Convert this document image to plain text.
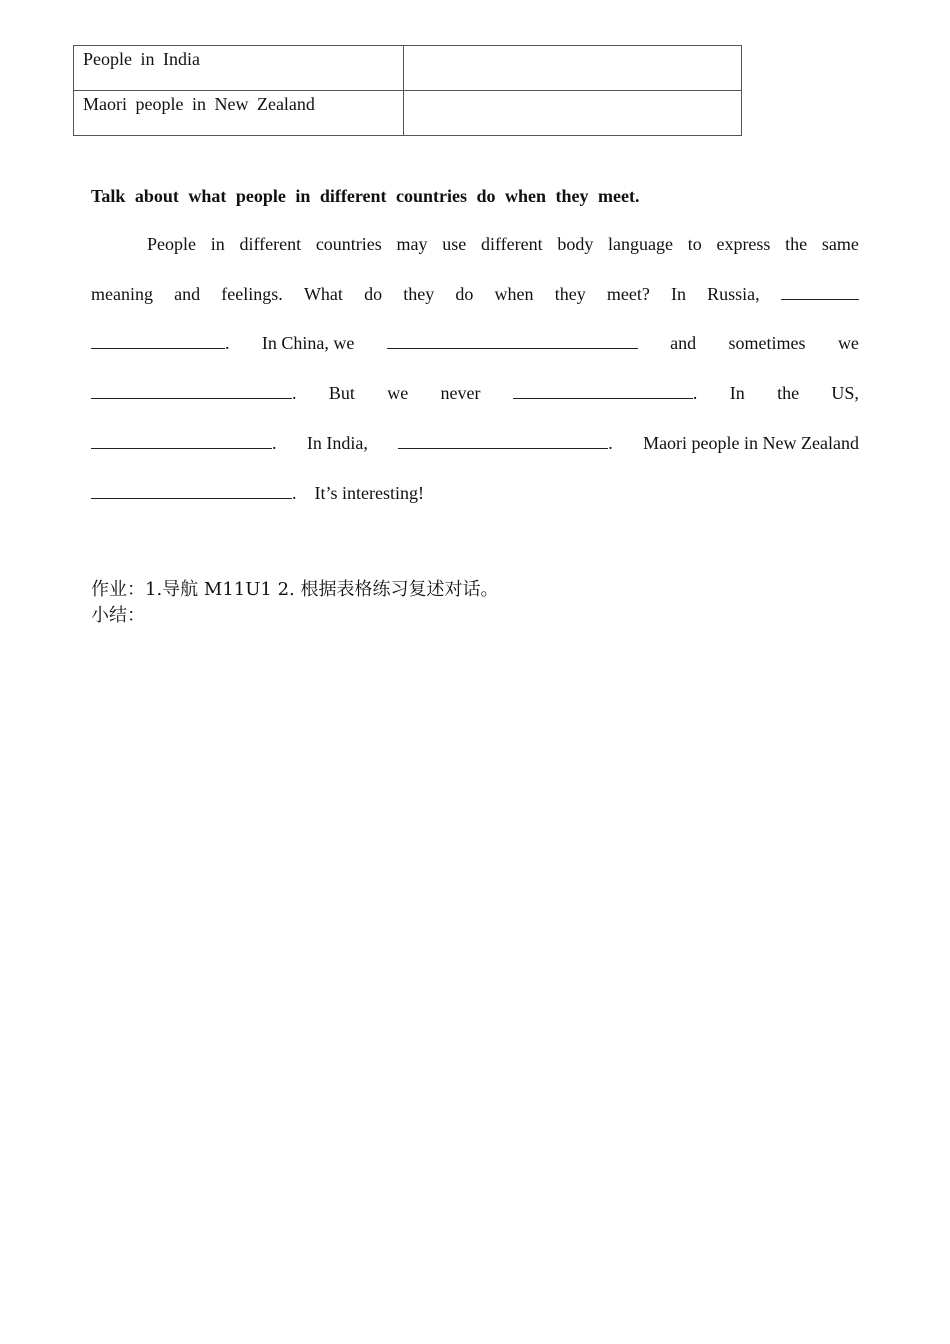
People in India	
Maori people in New Zealand	

Talk about what people in different countries do when they meet.

People in different countries may use different body language to express the same
meaning and feelings. What do they do when they meet? In Russia,
. In China, we	and sometimes we
. But we never	. In the US,
. In India,	. Maori people in New Zealand
. It’s interesting!
作业：1.导航 M11U1 2. 根据表格练习复述对话。
小结：
